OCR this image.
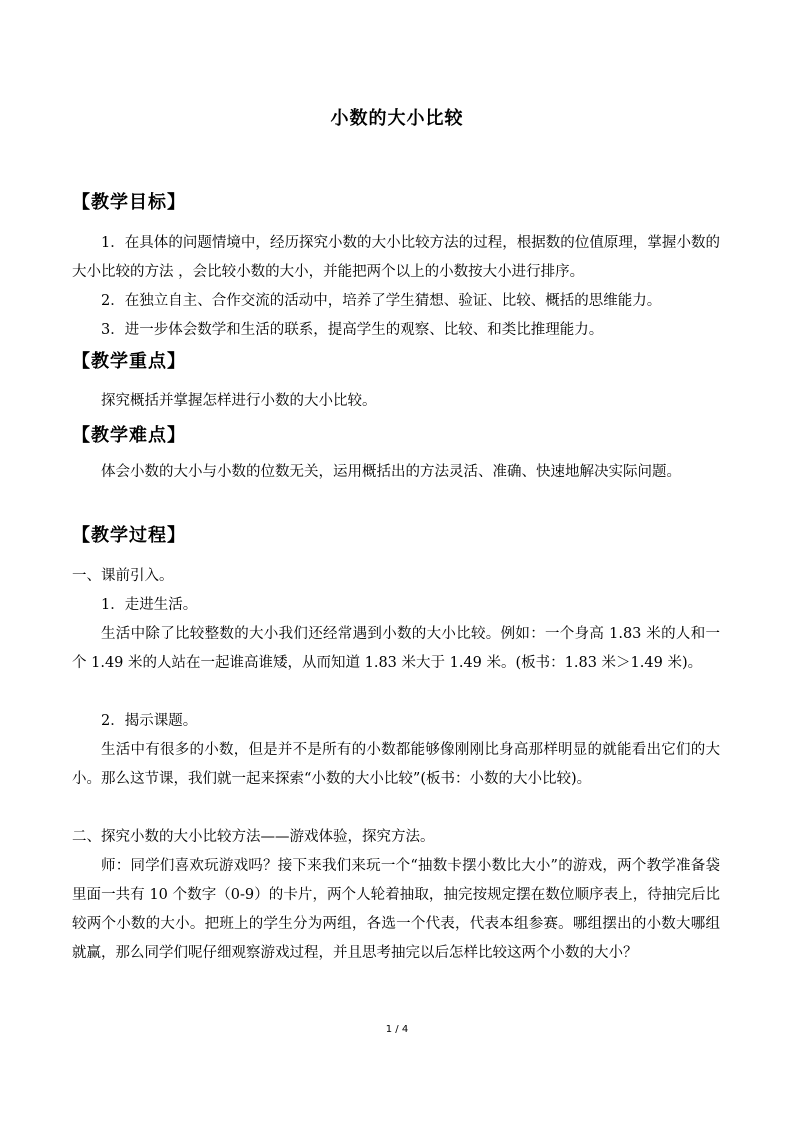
小数的大小比较
【教学目标】

1．在具体的问题情境中，经历探究小数的大小比较方法的过程，根据数的位值原理，掌握小数的大小比较的方法 ，会比较小数的大小，并能把两个以上的小数按大小进行排序。

2．在独立自主、合作交流的活动中，培养了学生猜想、验证、比较、概括的思维能力。

3．进一步体会数学和生活的联系，提高学生的观察、比较、和类比推理能力。

【教学重点】

探究概括并掌握怎样进行小数的大小比较。

【教学难点】

体会小数的大小与小数的位数无关，运用概括出的方法灵活、准确、快速地解决实际问题。

【教学过程】

一、课前引入。

1．走进生活。

生活中除了比较整数的大小我们还经常遇到小数的大小比较。例如：一个身高 1.83 米的人和一个 1.49 米的人站在一起谁高谁矮，从而知道 1.83 米大于 1.49 米。(板书：1.83 米＞1.49 米)。

2．揭示课题。

生活中有很多的小数，但是并不是所有的小数都能够像刚刚比身高那样明显的就能看出它们的大小。那么这节课，我们就一起来探索“小数的大小比较”(板书：小数的大小比较)。

二、探究小数的大小比较方法——游戏体验，探究方法。

师：同学们喜欢玩游戏吗？接下来我们来玩一个“抽数卡摆小数比大小”的游戏，两个教学准备袋里面一共有 10 个数字（0-9）的卡片，两个人轮着抽取，抽完按规定摆在数位顺序表上，待抽完后比较两个小数的大小。把班上的学生分为两组，各选一个代表，代表本组参赛。哪组摆出的小数大哪组就赢，那么同学们呢仔细观察游戏过程，并且思考抽完以后怎样比较这两个小数的大小？

1 / 4
